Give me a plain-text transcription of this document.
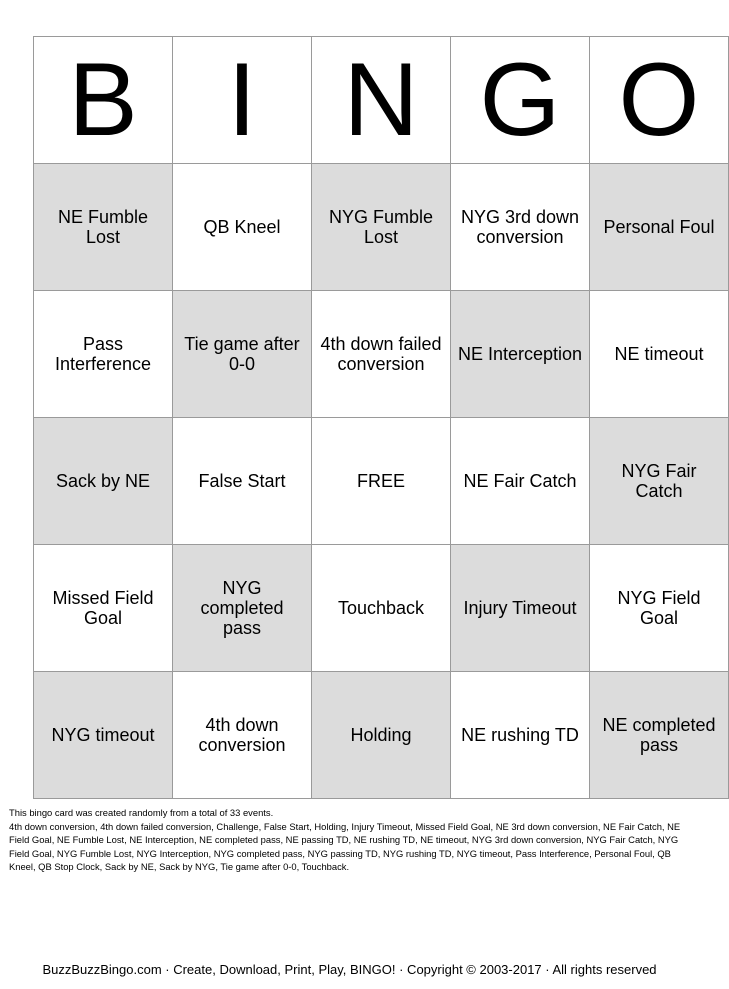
B	I	N	G	O
NE Fumble Lost	QB Kneel	NYG Fumble Lost	NYG 3rd down conversion	Personal Foul
Pass Interference	Tie game after 0-0	4th down failed conversion	NE Interception	NE timeout
Sack by NE	False Start	FREE	NE Fair Catch	NYG Fair Catch
Missed Field Goal	NYG completed pass	Touchback	Injury Timeout	NYG Field Goal
NYG timeout	4th down conversion	Holding	NE rushing TD	NE completed pass

This bingo card was created randomly from a total of 33 events.

4th down conversion, 4th down failed conversion, Challenge, False Start, Holding, Injury Timeout, Missed Field Goal, NE 3rd down conversion, NE Fair Catch, NE Field Goal, NE Fumble Lost, NE Interception, NE completed pass, NE passing TD, NE rushing TD, NE timeout, NYG 3rd down conversion, NYG Fair Catch, NYG Field Goal, NYG Fumble Lost, NYG Interception, NYG completed pass, NYG passing TD, NYG rushing TD, NYG timeout, Pass Interference, Personal Foul, QB Kneel, QB Stop Clock, Sack by NE, Sack by NYG, Tie game after 0-0, Touchback.

BuzzBuzzBingo.com · Create, Download, Print, Play, BINGO! · Copyright © 2003-2017 · All rights reserved
